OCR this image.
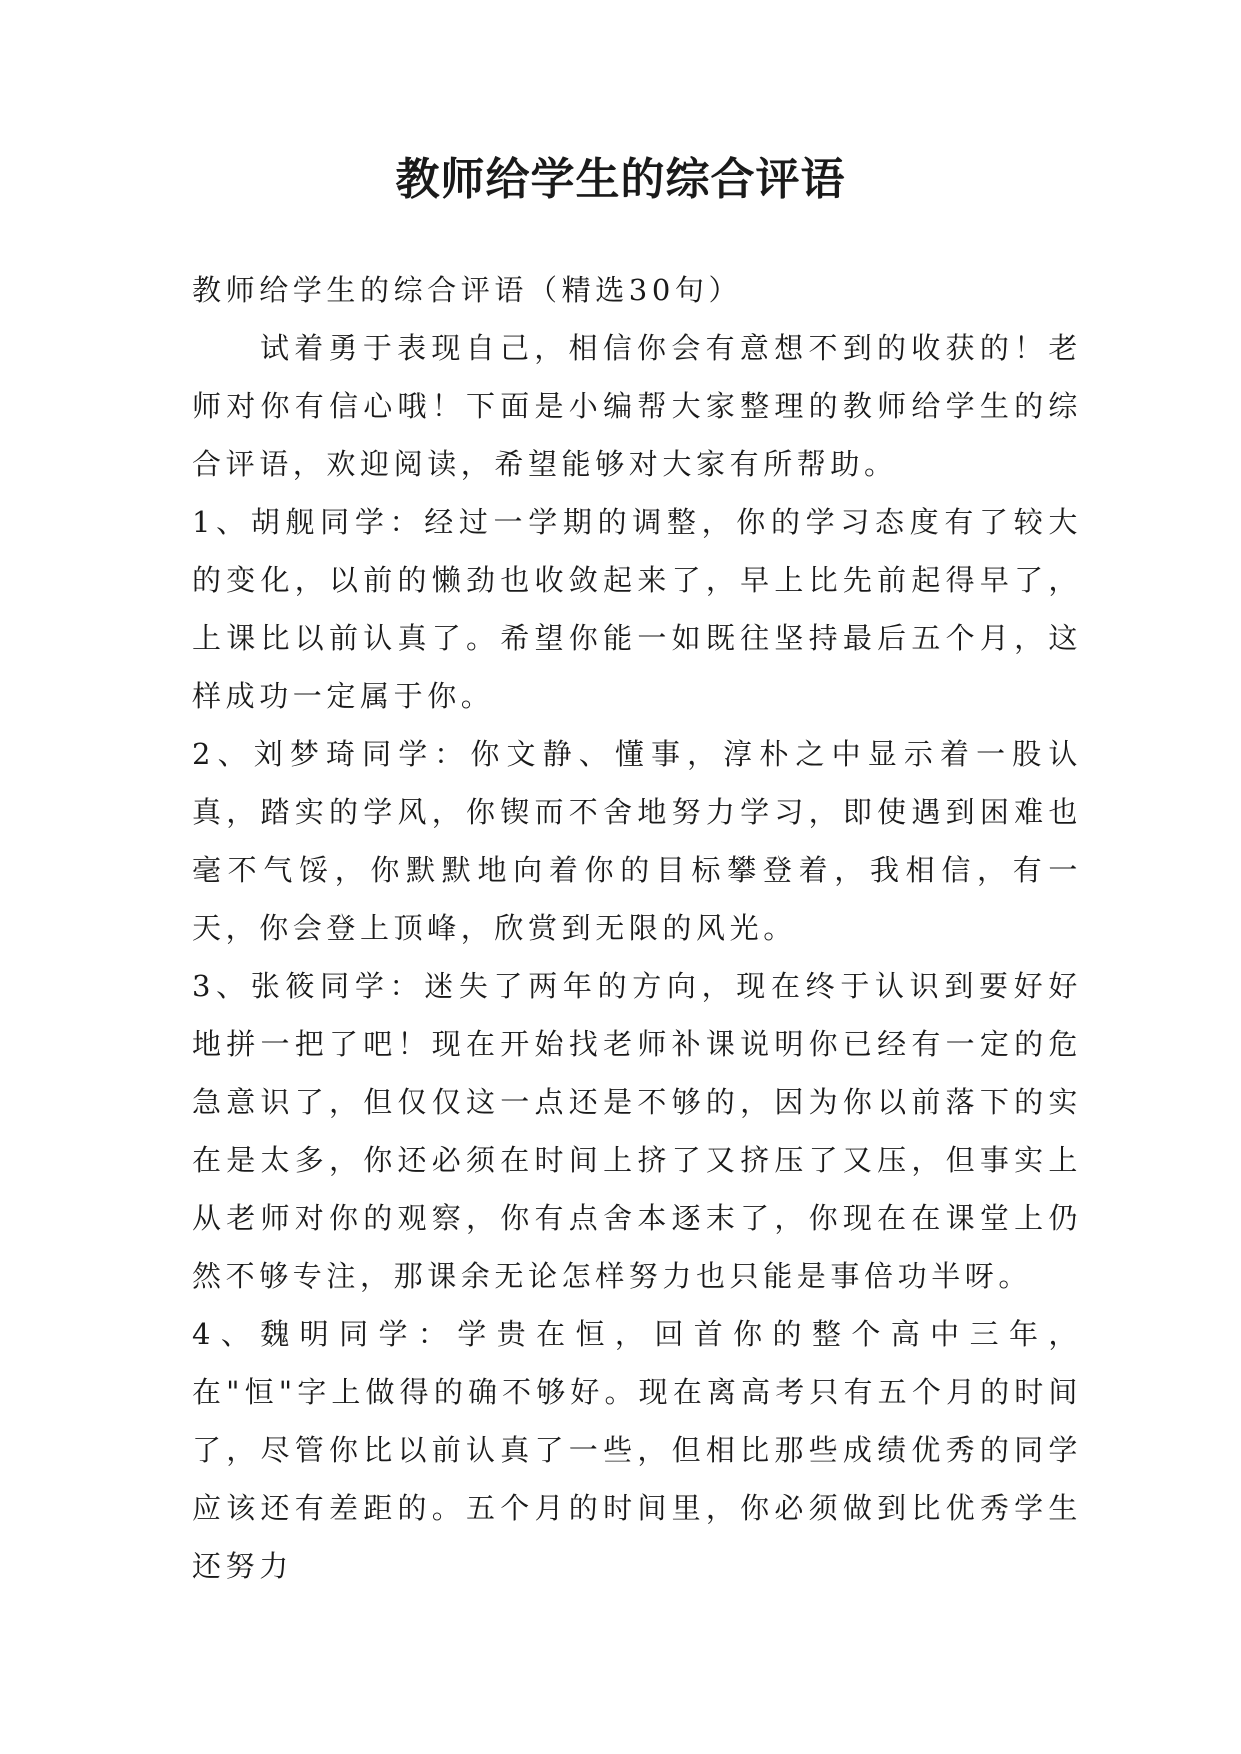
教师给学生的综合评语

教师给学生的综合评语（精选30句）

试着勇于表现自己，相信你会有意想不到的收获的！老师对你有信心哦！下面是小编帮大家整理的教师给学生的综合评语，欢迎阅读，希望能够对大家有所帮助。

1、胡舰同学：经过一学期的调整，你的学习态度有了较大的变化，以前的懒劲也收敛起来了，早上比先前起得早了，上课比以前认真了。希望你能一如既往坚持最后五个月，这样成功一定属于你。

2、刘梦琦同学：你文静、懂事，淳朴之中显示着一股认真，踏实的学风，你锲而不舍地努力学习，即使遇到困难也毫不气馁，你默默地向着你的目标攀登着，我相信，有一天，你会登上顶峰，欣赏到无限的风光。

3、张筱同学：迷失了两年的方向，现在终于认识到要好好地拼一把了吧！现在开始找老师补课说明你已经有一定的危急意识了，但仅仅这一点还是不够的，因为你以前落下的实在是太多，你还必须在时间上挤了又挤压了又压，但事实上从老师对你的观察，你有点舍本逐末了，你现在在课堂上仍然不够专注，那课余无论怎样努力也只能是事倍功半呀。

4、魏明同学：学贵在恒，回首你的整个高中三年，在"恒"字上做得的确不够好。现在离高考只有五个月的时间了，尽管你比以前认真了一些，但相比那些成绩优秀的同学应该还有差距的。五个月的时间里，你必须做到比优秀学生还努力
